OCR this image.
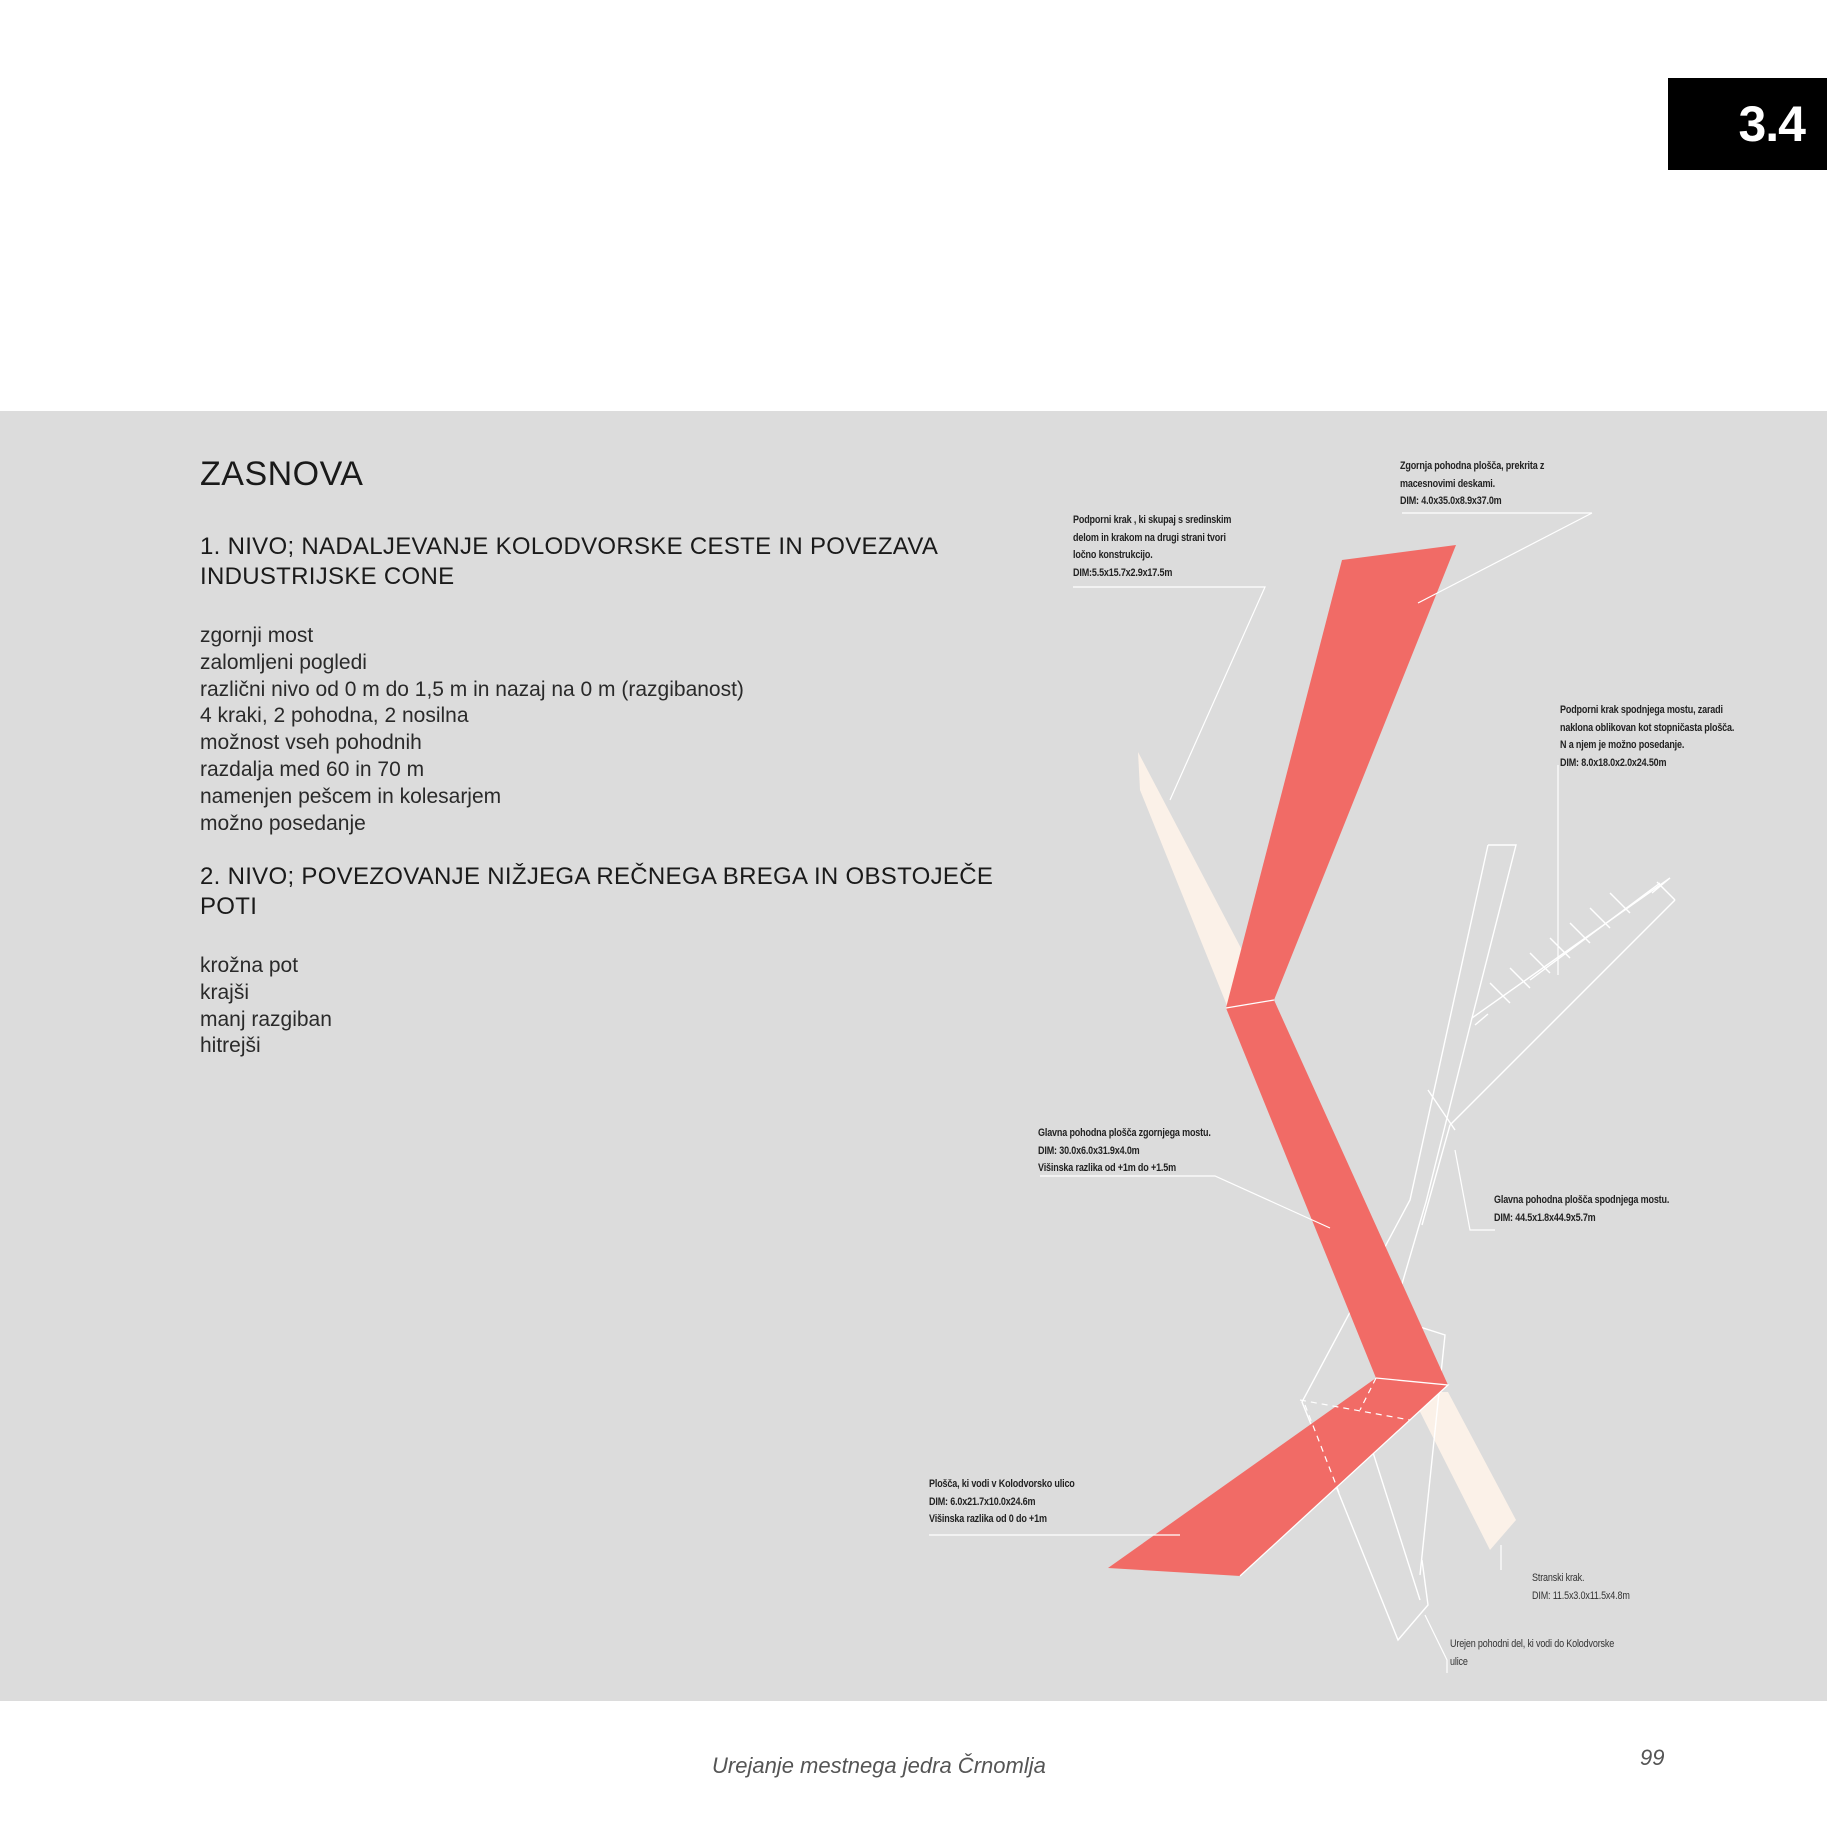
3.4
ZASNOVA
1. NIVO; NADALJEVANJE KOLODVORSKE CESTE IN POVEZAVA
INDUSTRIJSKE CONE
zgornji most
zalomljeni pogledi
različni nivo od 0 m do 1,5 m in nazaj na 0 m (razgibanost)
4 kraki, 2 pohodna, 2 nosilna
možnost vseh pohodnih
razdalja med 60 in 70 m
namenjen pešcem in kolesarjem
možno posedanje
2. NIVO; POVEZOVANJE NIŽJEGA REČNEGA BREGA IN OBSTOJEČE
POTI
krožna pot
krajši
manj razgiban
hitrejši
Zgornja pohodna plošča, prekrita z
macesnovimi deskami.
DIM: 4.0x35.0x8.9x37.0m
Podporni krak , ki skupaj s sredinskim
delom in krakom na drugi strani tvori
ločno konstrukcijo.
DIM:5.5x15.7x2.9x17.5m
Podporni krak spodnjega mostu, zaradi
naklona oblikovan kot stopničasta plošča.
N a njem je možno posedanje.
DIM: 8.0x18.0x2.0x24.50m
Glavna pohodna plošča zgornjega mostu.
DIM: 30.0x6.0x31.9x4.0m
Višinska razlika od +1m do +1.5m
Glavna pohodna plošča spodnjega mostu.
DIM: 44.5x1.8x44.9x5.7m
Plošča, ki vodi v Kolodvorsko ulico
DIM: 6.0x21.7x10.0x24.6m
Višinska razlika od 0 do +1m
Stranski krak.
DIM: 11.5x3.0x11.5x4.8m
Urejen pohodni del, ki vodi do Kolodvorske
ulice
Urejanje mestnega jedra Črnomlja	99
